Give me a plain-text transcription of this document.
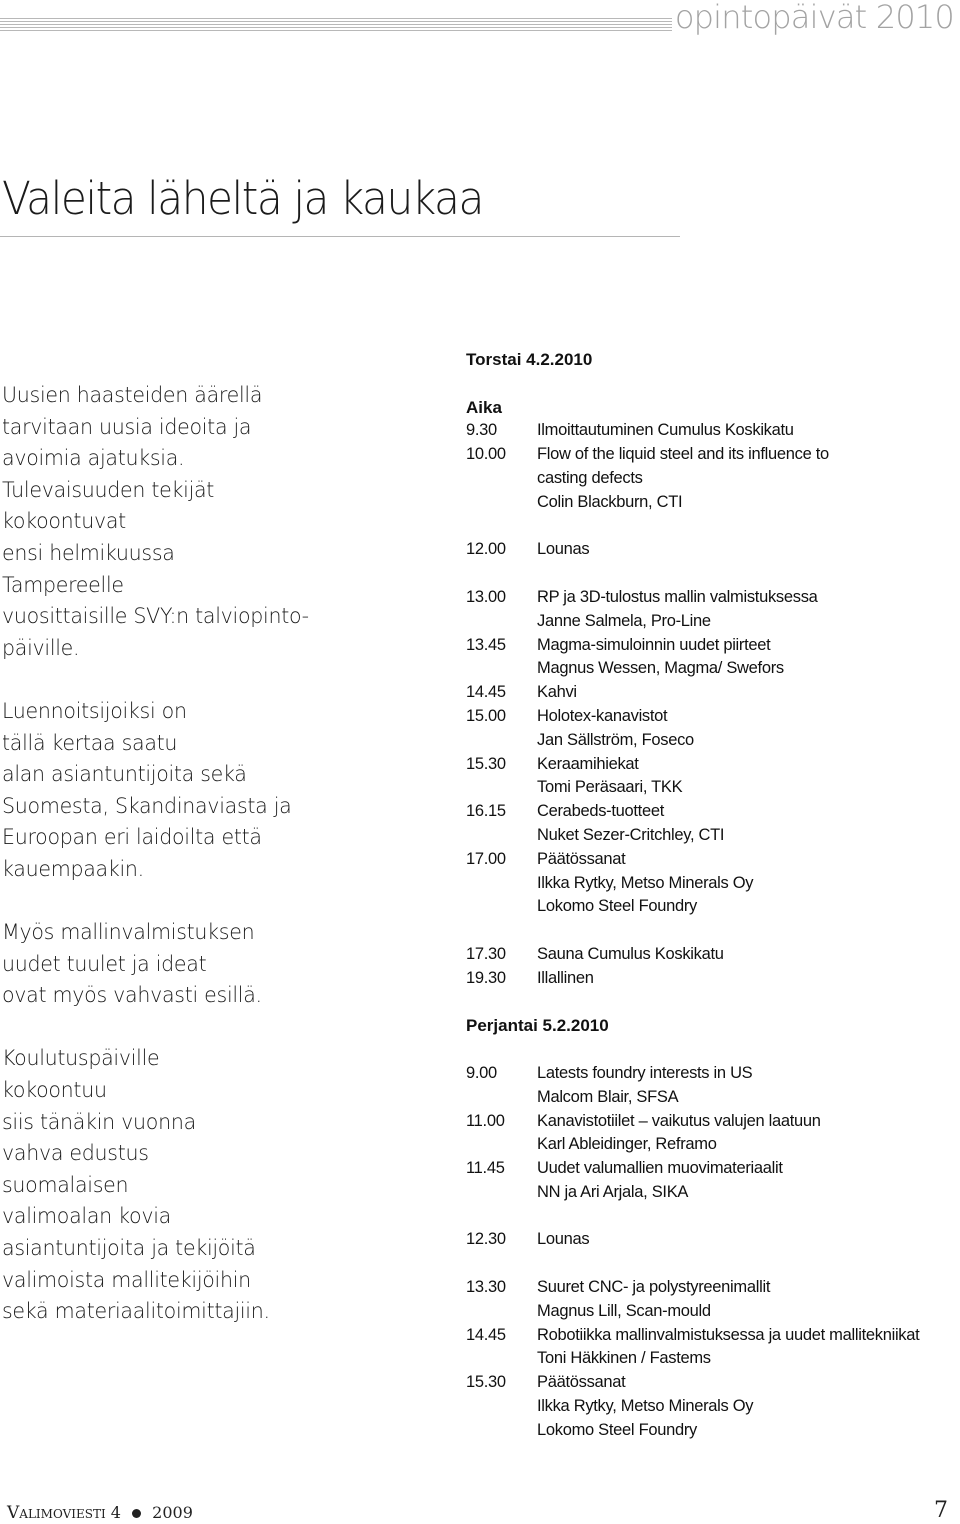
opintopäivät 2010
Valeita läheltä ja kaukaa

Uusien haasteiden äärellä
tarvitaan uusia ideoita ja
avoimia ajatuksia.
Tulevaisuuden tekijät
kokoontuvat
ensi helmikuussa
Tampereelle
vuosittaisille SVY:n talviopinto-
päiville.

Luennoitsijoiksi on
tällä kertaa saatu
alan asiantuntijoita sekä
Suomesta, Skandinaviasta ja
Euroopan eri laidoilta että
kauempaakin.

Myös mallinvalmistuksen
uudet tuulet ja ideat
ovat myös vahvasti esillä.

Koulutuspäiville
kokoontuu
siis tänäkin vuonna
vahva edustus
suomalaisen
valimoalan kovia
asiantuntijoita ja tekijöitä
valimoista mallitekijöihin
sekä materiaalitoimittajiin.

Torstai 4.2.2010
Aika
9.30	Ilmoittautuminen Cumulus Koskikatu
10.00	Flow of the liquid steel and its influence to
casting defects
Colin Blackburn, CTI
12.00	Lounas
13.00	RP ja 3D-tulostus mallin valmistuksessa
Janne Salmela, Pro-Line
13.45	Magma-simuloinnin uudet piirteet
Magnus Wessen, Magma/ Swefors
14.45	Kahvi
15.00	Holotex-kanavistot
Jan Sällström, Foseco
15.30	Keraamihiekat
Tomi Peräsaari, TKK
16.15	Cerabeds-tuotteet
Nuket Sezer-Critchley, CTI
17.00	Päätössanat
Ilkka Rytky, Metso Minerals Oy
Lokomo Steel Foundry
17.30	Sauna Cumulus Koskikatu
19.30	Illallinen
Perjantai 5.2.2010
9.00	Latests foundry interests in US
Malcom Blair, SFSA
11.00	Kanavistotiilet – vaikutus valujen laatuun
Karl Ableidinger, Reframo
11.45	Uudet valumallien muovimateriaalit
NN ja Ari Arjala, SIKA
12.30	Lounas
13.30	Suuret CNC- ja polystyreenimallit
Magnus Lill, Scan-mould
14.45	Robotiikka mallinvalmistuksessa ja uudet mallitekniikat
Toni Häkkinen / Fastems
15.30	Päätössanat
Ilkka Rytky, Metso Minerals Oy
Lokomo Steel Foundry
Valimoviesti 4 2009	7
